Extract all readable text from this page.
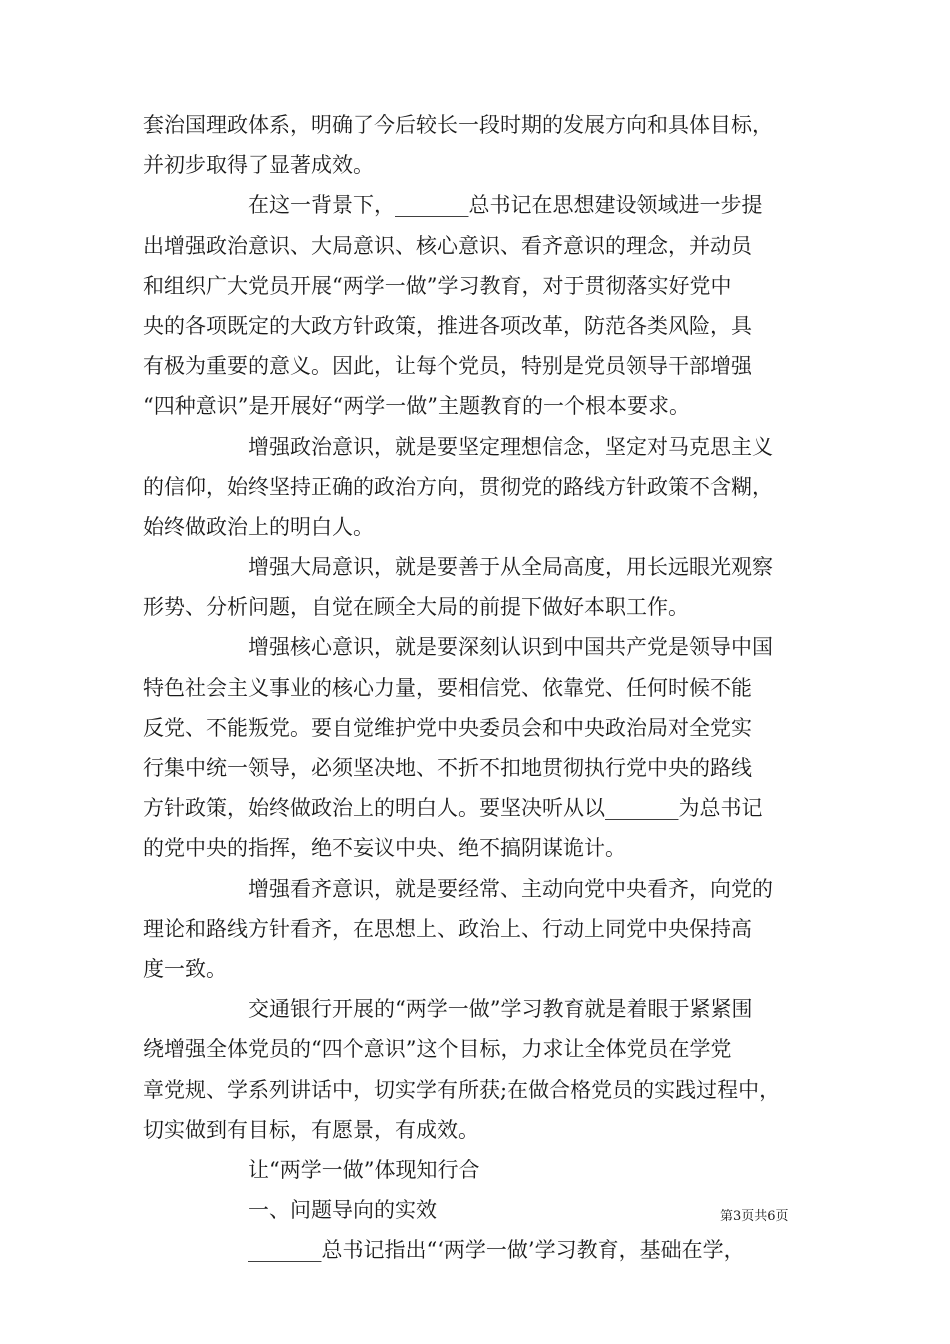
套治国理政体系，明确了今后较长一段时期的发展方向和具体目标，
并初步取得了显著成效。
在这一背景下，_______总书记在思想建设领域进一步提
出增强政治意识、大局意识、核心意识、看齐意识的理念，并动员
和组织广大党员开展“两学一做”学习教育，对于贯彻落实好党中
央的各项既定的大政方针政策，推进各项改革，防范各类风险，具
有极为重要的意义。因此，让每个党员，特别是党员领导干部增强
“四种意识”是开展好“两学一做”主题教育的一个根本要求。
增强政治意识，就是要坚定理想信念，坚定对马克思主义
的信仰，始终坚持正确的政治方向，贯彻党的路线方针政策不含糊，
始终做政治上的明白人。
增强大局意识，就是要善于从全局高度，用长远眼光观察
形势、分析问题，自觉在顾全大局的前提下做好本职工作。
增强核心意识，就是要深刻认识到中国共产党是领导中国
特色社会主义事业的核心力量，要相信党、依靠党、任何时候不能
反党、不能叛党。要自觉维护党中央委员会和中央政治局对全党实
行集中统一领导，必须坚决地、不折不扣地贯彻执行党中央的路线
方针政策，始终做政治上的明白人。要坚决听从以_______为总书记
的党中央的指挥，绝不妄议中央、绝不搞阴谋诡计。
增强看齐意识，就是要经常、主动向党中央看齐，向党的
理论和路线方针看齐，在思想上、政治上、行动上同党中央保持高
度一致。
交通银行开展的“两学一做”学习教育就是着眼于紧紧围
绕增强全体党员的“四个意识”这个目标，力求让全体党员在学党
章党规、学系列讲话中，切实学有所获;在做合格党员的实践过程中，
切实做到有目标，有愿景，有成效。
让“两学一做”体现知行合
一、问题导向的实效
_______总书记指出“‘两学一做’学习教育，基础在学，
第3页共6页
